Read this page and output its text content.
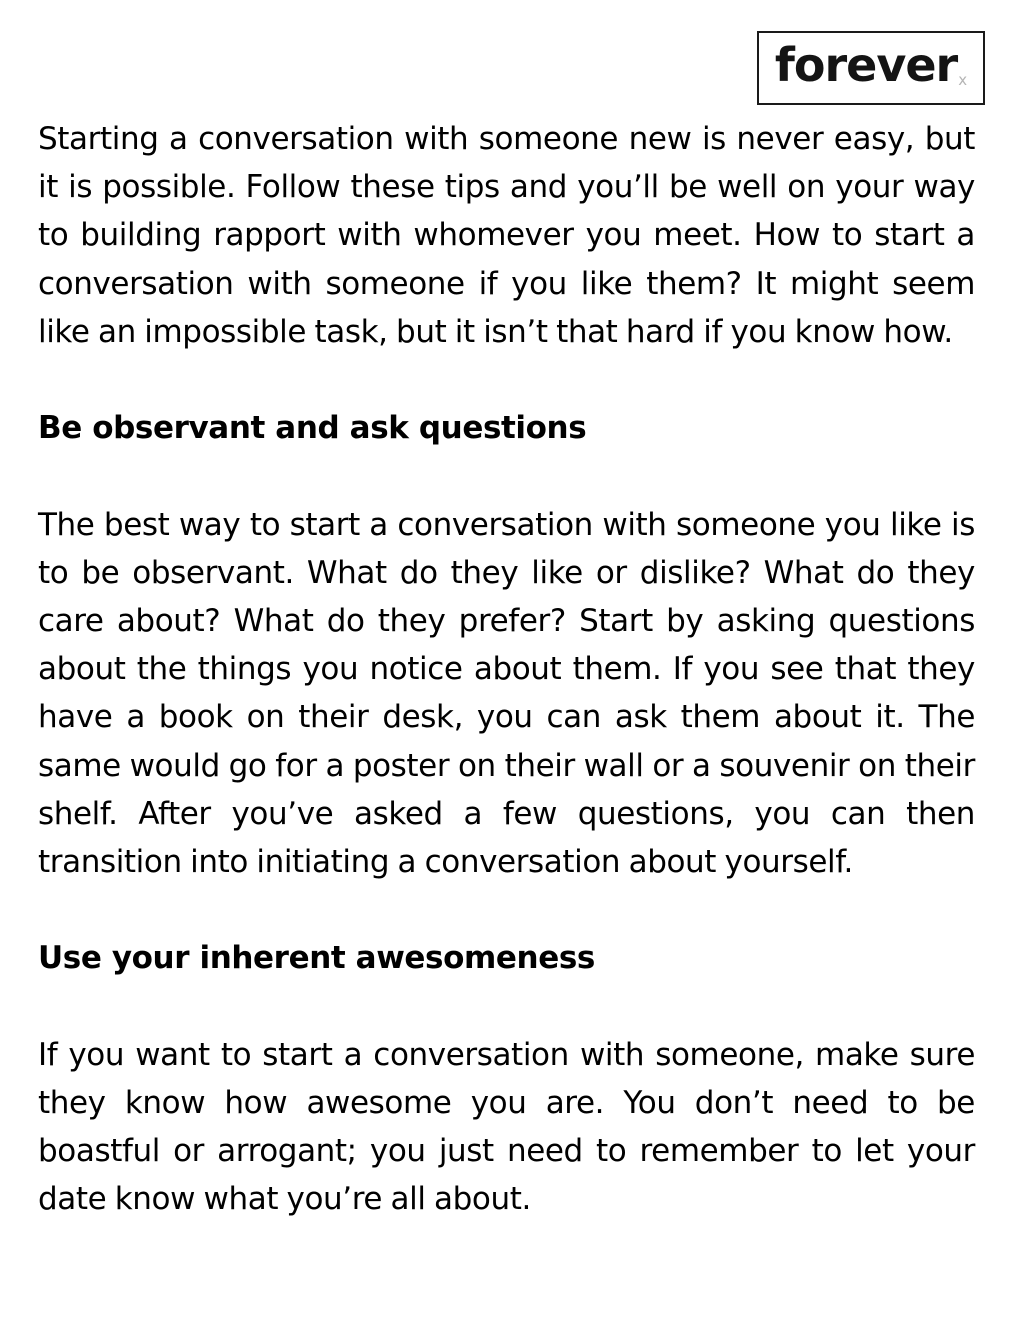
forever x

Starting a conversation with someone new is never easy, but it is possible. Follow these tips and you’ll be well on your way to building rapport with whomever you meet. How to start a conversation with someone if you like them? It might seem like an impossible task, but it isn’t that hard if you know how.

Be observant and ask questions

The best way to start a conversation with someone you like is to be observant. What do they like or dislike? What do they care about? What do they prefer? Start by asking questions about the things you notice about them. If you see that they have a book on their desk, you can ask them about it. The same would go for a poster on their wall or a souvenir on their shelf. After you’ve asked a few questions, you can then transition into initiating a conversation about yourself.

Use your inherent awesomeness

If you want to start a conversation with someone, make sure they know how awesome you are. You don’t need to be boastful or arrogant; you just need to remember to let your date know what you’re all about.
